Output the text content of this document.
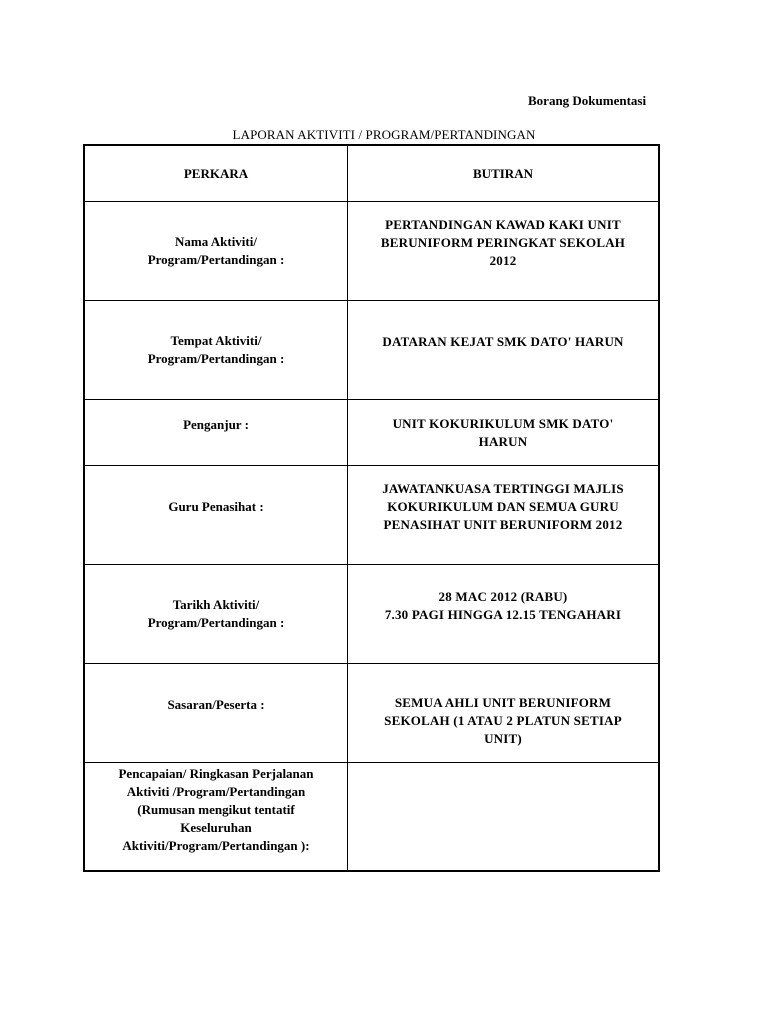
Borang Dokumentasi
LAPORAN AKTIVITI / PROGRAM/PERTANDINGAN
PERKARA	BUTIRAN

Nama Aktiviti/
Program/Pertandingan :	PERTANDINGAN KAWAD KAKI UNIT
BERUNIFORM PERINGKAT SEKOLAH
2012

Tempat Aktiviti/
Program/Pertandingan :	DATARAN KEJAT SMK DATO' HARUN

Penganjur :	UNIT KOKURIKULUM SMK DATO'
HARUN

Guru Penasihat :	JAWATANKUASA TERTINGGI MAJLIS
KOKURIKULUM DAN SEMUA GURU
PENASIHAT UNIT BERUNIFORM 2012

Tarikh Aktiviti/
Program/Pertandingan :	28 MAC 2012 (RABU)
7.30 PAGI HINGGA 12.15 TENGAHARI

Sasaran/Peserta :	SEMUA AHLI UNIT BERUNIFORM
SEKOLAH (1 ATAU 2 PLATUN SETIAP
UNIT)

Pencapaian/ Ringkasan Perjalanan
Aktiviti /Program/Pertandingan
(Rumusan mengikut tentatif
Keseluruhan
Aktiviti/Program/Pertandingan ):	
